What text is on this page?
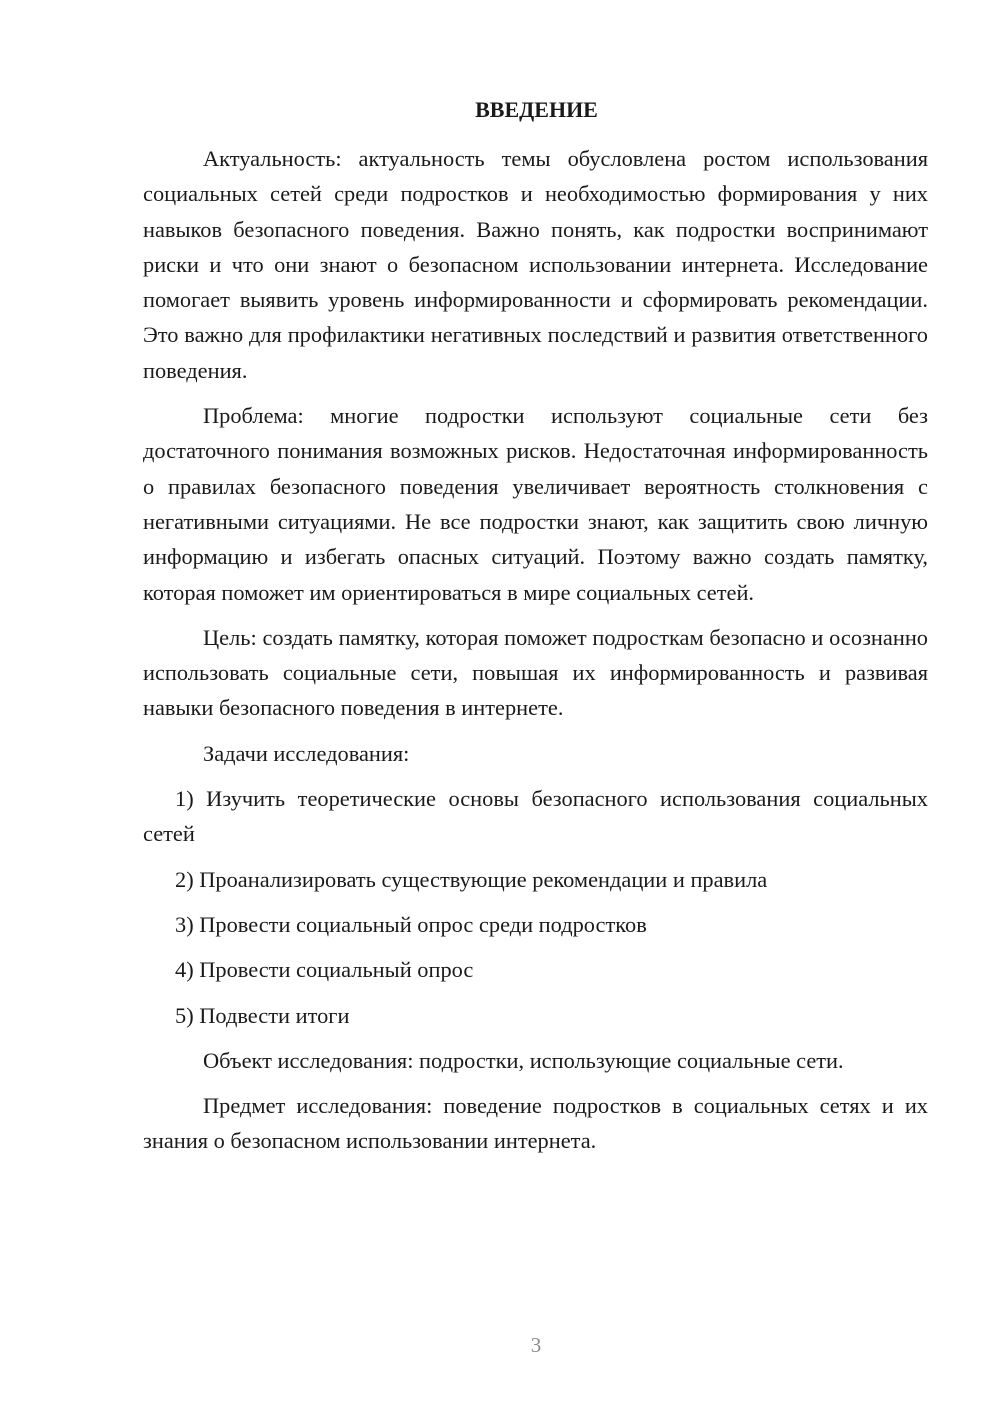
ВВЕДЕНИЕ

Актуальность: актуальность темы обусловлена ростом использования социальных сетей среди подростков и необходимостью формирования у них навыков безопасного поведения. Важно понять, как подростки воспринимают риски и что они знают о безопасном использовании интернета. Исследование помогает выявить уровень информированности и сформировать рекомендации. Это важно для профилактики негативных последствий и развития ответственного поведения.

Проблема: многие подростки используют социальные сети без достаточного понимания возможных рисков. Недостаточная информированность о правилах безопасного поведения увеличивает вероятность столкновения с негативными ситуациями. Не все подростки знают, как защитить свою личную информацию и избегать опасных ситуаций. Поэтому важно создать памятку, которая поможет им ориентироваться в мире социальных сетей.

Цель: создать памятку, которая поможет подросткам безопасно и осознанно использовать социальные сети, повышая их информированность и развивая навыки безопасного поведения в интернете.

Задачи исследования:

1) Изучить теоретические основы безопасного использования социальных сетей

2) Проанализировать существующие рекомендации и правила

3) Провести социальный опрос среди подростков

4) Провести социальный опрос

5) Подвести итоги

Объект исследования: подростки, использующие социальные сети.

Предмет исследования: поведение подростков в социальных сетях и их знания о безопасном использовании интернета.

3
